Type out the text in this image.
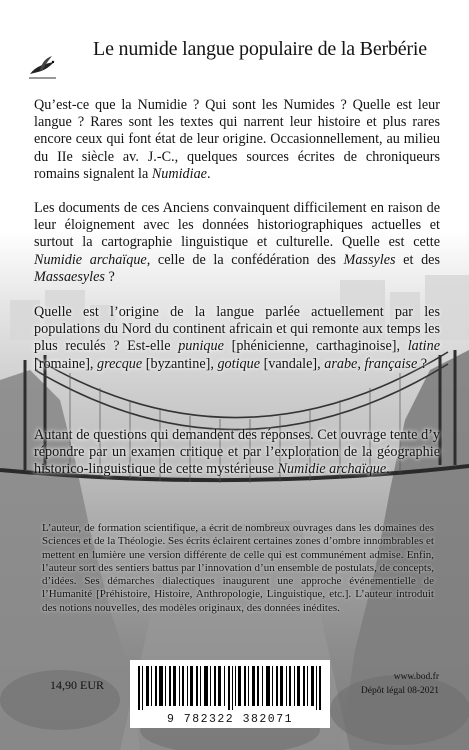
Le numide langue populaire de la Berbérie

Qu’est-ce que la Numidie ? Qui sont les Numides ? Quelle est leur langue ? Rares sont les textes qui narrent leur histoire et plus rares encore ceux qui font état de leur origine. Occasionnellement, au milieu du IIe siècle av. J.-C., quelques sources écrites de chroniqueurs romains signalent la Numidiae.

Les documents de ces Anciens convainquent difficilement en raison de leur éloignement avec les données historiographiques actuelles et surtout la cartographie linguistique et culturelle. Quelle est cette Numidie archaïque, celle de la confédération des Massyles et des Massaesyles ?

Quelle est l’origine de la langue parlée actuellement par les populations du Nord du continent africain et qui remonte aux temps les plus reculés ? Est-elle punique [phénicienne, carthaginoise], latine [romaine], grecque [byzantine], gotique [vandale], arabe, française ?

Autant de questions qui demandent des réponses. Cet ouvrage tente d’y répondre par un examen critique et par l’exploration de la géographie historico-linguistique de cette mystérieuse Numidie archaïque.

L’auteur, de formation scientifique, a écrit de nombreux ouvrages dans les domaines des Sciences et de la Théologie. Ses écrits éclairent certaines zones d’ombre innombrables et mettent en lumière une version différente de celle qui est communément admise. Enfin, l’auteur sort des sentiers battus par l’innovation d’un ensemble de postulats, de concepts, d’idées. Ses démarches dialectiques inaugurent une approche événementielle de l’Humanité [Préhistoire, Histoire, Anthropologie, Linguistique, etc.]. L’auteur introduit des notions nouvelles, des modèles originaux, des données inédites.

14,90 EUR
9 782322 382071
www.bod.fr
Dépôt légal 08-2021
